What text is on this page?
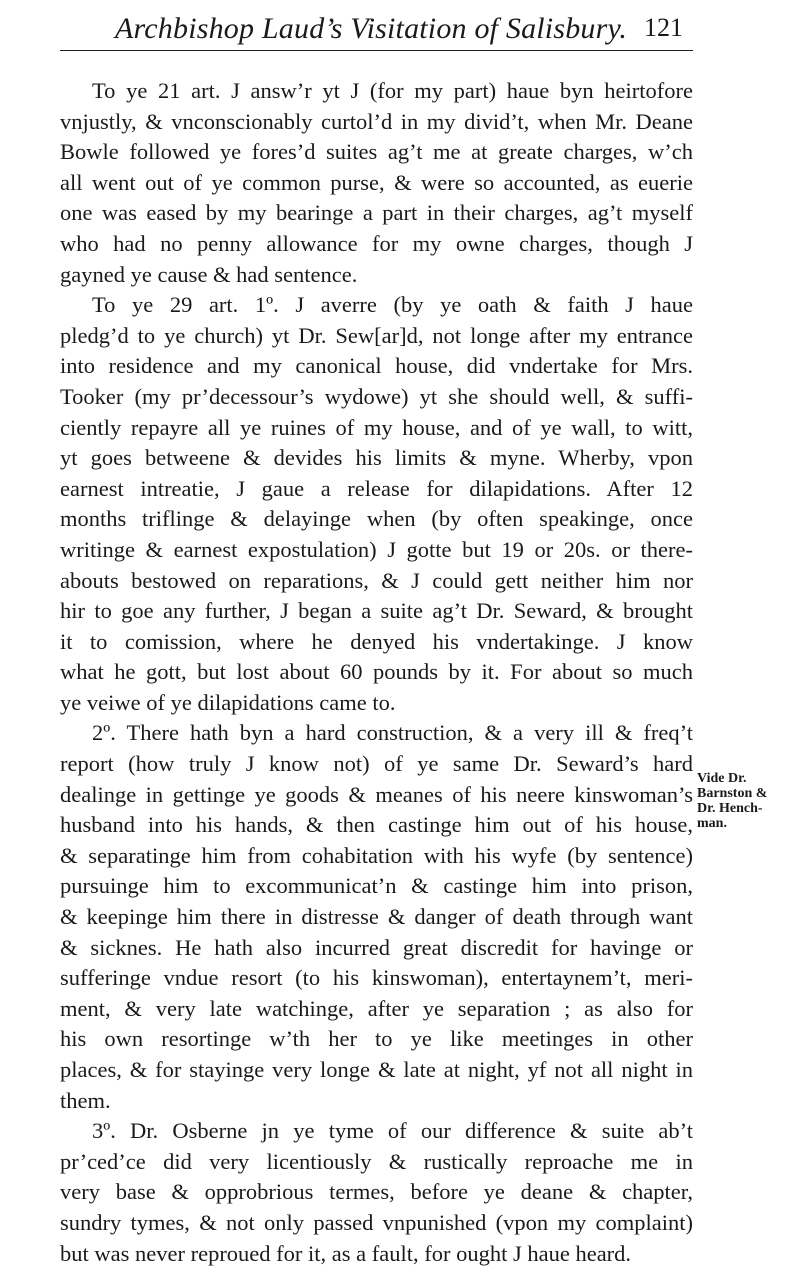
Archbishop Laud’s Visitation of Salisbury. 121
To ye 21 art. J answ’r yt J (for my part) haue byn heirtofore
vnjustly, & vnconscionably curtol’d in my divid’t, when Mr. Deane
Bowle followed ye fores’d suites ag’t me at greate charges, w’ch
all went out of ye common purse, & were so accounted, as euerie
one was eased by my bearinge a part in their charges, ag’t myself
who had no penny allowance for my owne charges, though J
gayned ye cause & had sentence.
To ye 29 art. 1º. J averre (by ye oath & faith J haue
pledg’d to ye church) yt Dr. Sew[ar]d, not longe after my entrance
into residence and my canonical house, did vndertake for Mrs.
Tooker (my pr’decessour’s wydowe) yt she should well, & suffi-
ciently repayre all ye ruines of my house, and of ye wall, to witt,
yt goes betweene & devides his limits & myne. Wherby, vpon
earnest intreatie, J gaue a release for dilapidations. After 12
months triflinge & delayinge when (by often speakinge, once
writinge & earnest expostulation) J gotte but 19 or 20s. or there-
abouts bestowed on reparations, & J could gett neither him nor
hir to goe any further, J began a suite ag’t Dr. Seward, & brought
it to comission, where he denyed his vndertakinge. J know
what he gott, but lost about 60 pounds by it. For about so much
ye veiwe of ye dilapidations came to.
2º. There hath byn a hard construction, & a very ill & freq’t
report (how truly J know not) of ye same Dr. Seward’s hard
dealinge in gettinge ye goods & meanes of his neere kinswoman’s
husband into his hands, & then castinge him out of his house,
& separatinge him from cohabitation with his wyfe (by sentence)
pursuinge him to excommunicat’n & castinge him into prison,
& keepinge him there in distresse & danger of death through want
& sicknes. He hath also incurred great discredit for havinge or
sufferinge vndue resort (to his kinswoman), entertaynem’t, meri-
ment, & very late watchinge, after ye separation ; as also for
his own resortinge w’th her to ye like meetinges in other
places, & for stayinge very longe & late at night, yf not all night in
them.
3º. Dr. Osberne jn ye tyme of our difference & suite ab’t
pr’ced’ce did very licentiously & rustically reproache me in
very base & opprobrious termes, before ye deane & chapter,
sundry tymes, & not only passed vnpunished (vpon my complaint)
but was never reproued for it, as a fault, for ought J haue heard.
Vide Dr.
Barnston &
Dr. Hench-
man.
